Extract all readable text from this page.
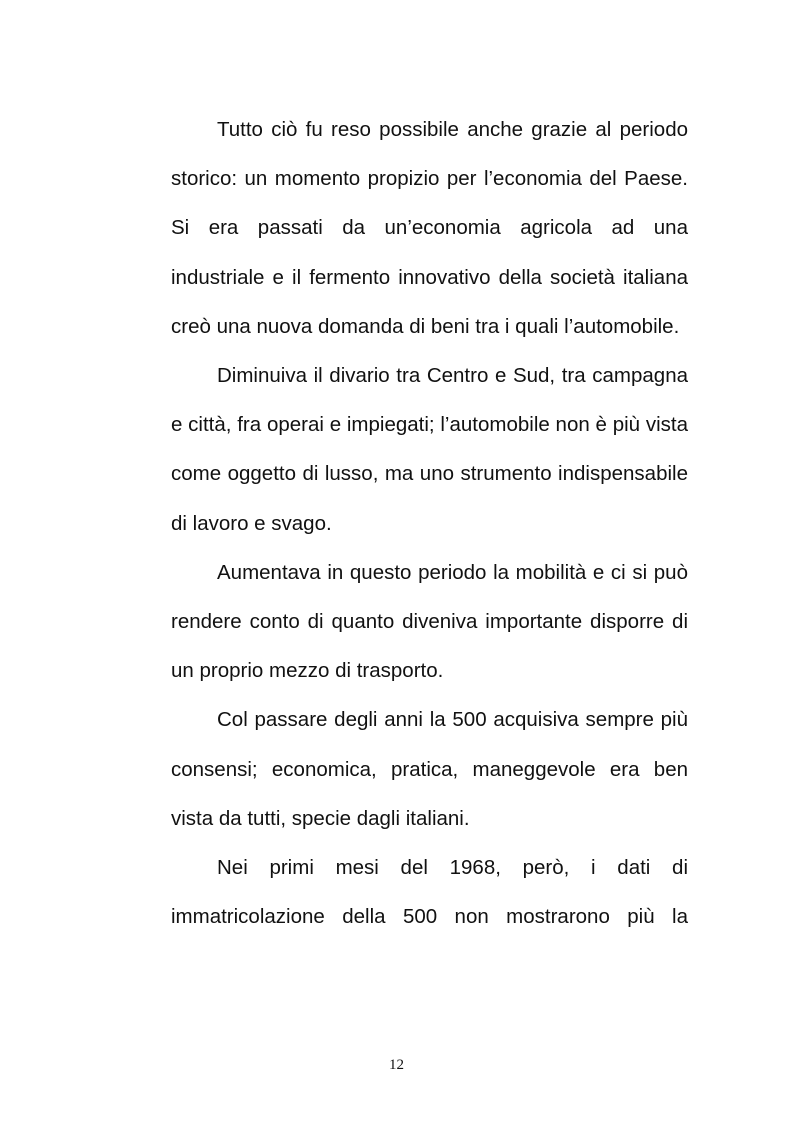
Tutto ciò fu reso possibile anche grazie al periodo storico: un momento propizio per l’economia del Paese. Si era passati da un’economia agricola ad una industriale e il fermento innovativo della società italiana creò una nuova domanda di beni tra i quali l’automobile.

Diminuiva il divario tra Centro e Sud, tra campagna e città, fra operai e impiegati; l’automobile non è più vista come oggetto di lusso, ma uno strumento indispensabile di lavoro e svago.

Aumentava in questo periodo la mobilità e ci si può rendere conto di quanto diveniva importante disporre di un proprio mezzo di trasporto.

Col passare degli anni la 500 acquisiva sempre più consensi; economica, pratica, maneggevole era ben vista da tutti, specie dagli italiani.

Nei primi mesi del 1968, però, i dati di immatricolazione della 500 non mostrarono più la

12
